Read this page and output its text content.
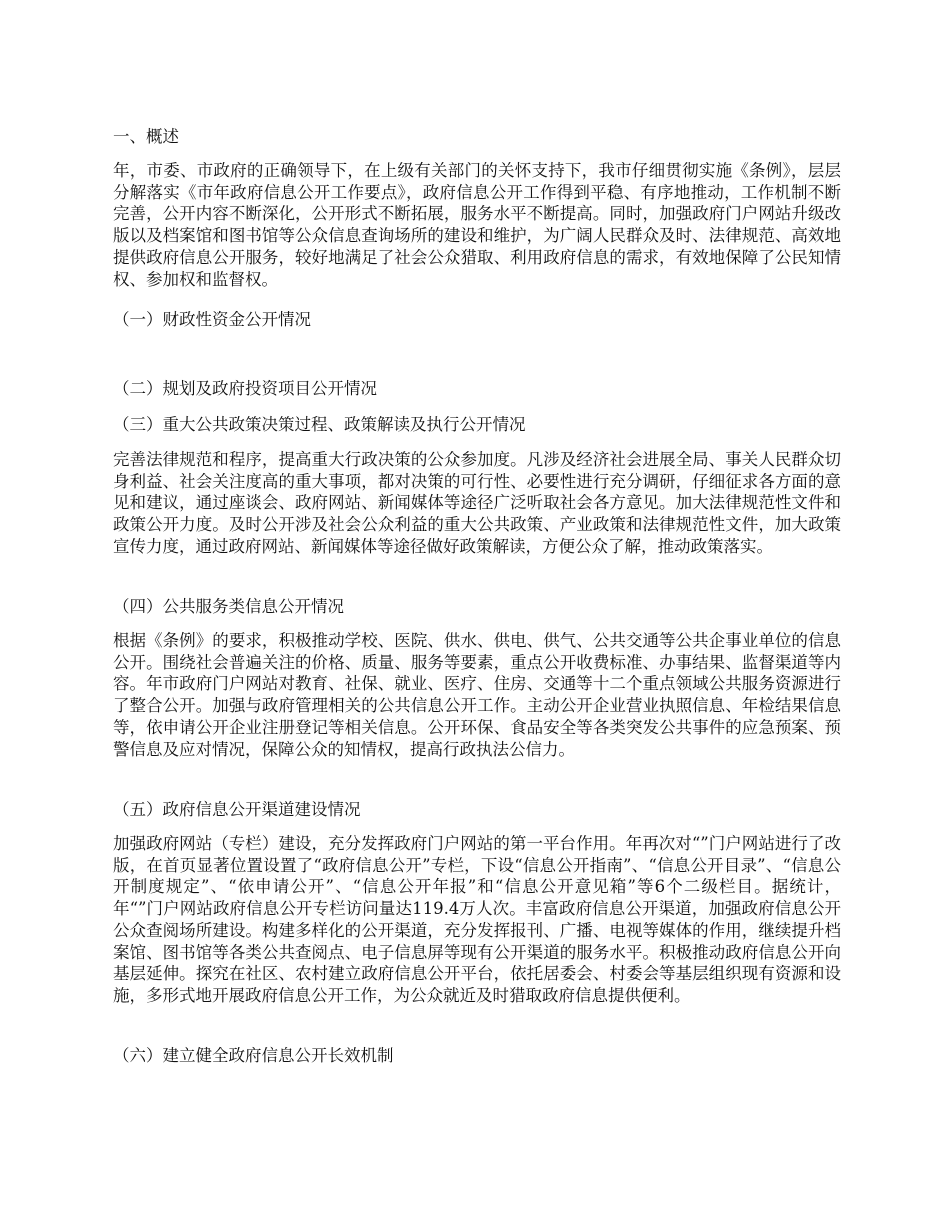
一、概述
年，市委、市政府的正确领导下，在上级有关部门的关怀支持下，我市仔细贯彻实施《条例》，层层分解落实《市年政府信息公开工作要点》，政府信息公开工作得到平稳、有序地推动，工作机制不断完善，公开内容不断深化，公开形式不断拓展，服务水平不断提高。同时，加强政府门户网站升级改版以及档案馆和图书馆等公众信息查询场所的建设和维护，为广阔人民群众及时、法律规范、高效地提供政府信息公开服务，较好地满足了社会公众猎取、利用政府信息的需求，有效地保障了公民知情权、参加权和监督权。
（一）财政性资金公开情况
（二）规划及政府投资项目公开情况
（三）重大公共政策决策过程、政策解读及执行公开情况
完善法律规范和程序，提高重大行政决策的公众参加度。凡涉及经济社会进展全局、事关人民群众切身利益、社会关注度高的重大事项，都对决策的可行性、必要性进行充分调研，仔细征求各方面的意见和建议，通过座谈会、政府网站、新闻媒体等途径广泛听取社会各方意见。加大法律规范性文件和政策公开力度。及时公开涉及社会公众利益的重大公共政策、产业政策和法律规范性文件，加大政策宣传力度，通过政府网站、新闻媒体等途径做好政策解读，方便公众了解，推动政策落实。
（四）公共服务类信息公开情况
根据《条例》的要求，积极推动学校、医院、供水、供电、供气、公共交通等公共企事业单位的信息公开。围绕社会普遍关注的价格、质量、服务等要素，重点公开收费标准、办事结果、监督渠道等内容。年市政府门户网站对教育、社保、就业、医疗、住房、交通等十二个重点领域公共服务资源进行了整合公开。加强与政府管理相关的公共信息公开工作。主动公开企业营业执照信息、年检结果信息等，依申请公开企业注册登记等相关信息。公开环保、食品安全等各类突发公共事件的应急预案、预警信息及应对情况，保障公众的知情权，提高行政执法公信力。
（五）政府信息公开渠道建设情况
加强政府网站（专栏）建设，充分发挥政府门户网站的第一平台作用。年再次对“”门户网站进行了改版，在首页显著位置设置了“政府信息公开”专栏，下设“信息公开指南”、“信息公开目录”、“信息公开制度规定”、“依申请公开”、“信息公开年报”和“信息公开意见箱”等6个二级栏目。据统计，年“”门户网站政府信息公开专栏访问量达119.4万人次。丰富政府信息公开渠道，加强政府信息公开公众查阅场所建设。构建多样化的公开渠道，充分发挥报刊、广播、电视等媒体的作用，继续提升档案馆、图书馆等各类公共查阅点、电子信息屏等现有公开渠道的服务水平。积极推动政府信息公开向基层延伸。探究在社区、农村建立政府信息公开平台，依托居委会、村委会等基层组织现有资源和设施，多形式地开展政府信息公开工作，为公众就近及时猎取政府信息提供便利。
（六）建立健全政府信息公开长效机制
